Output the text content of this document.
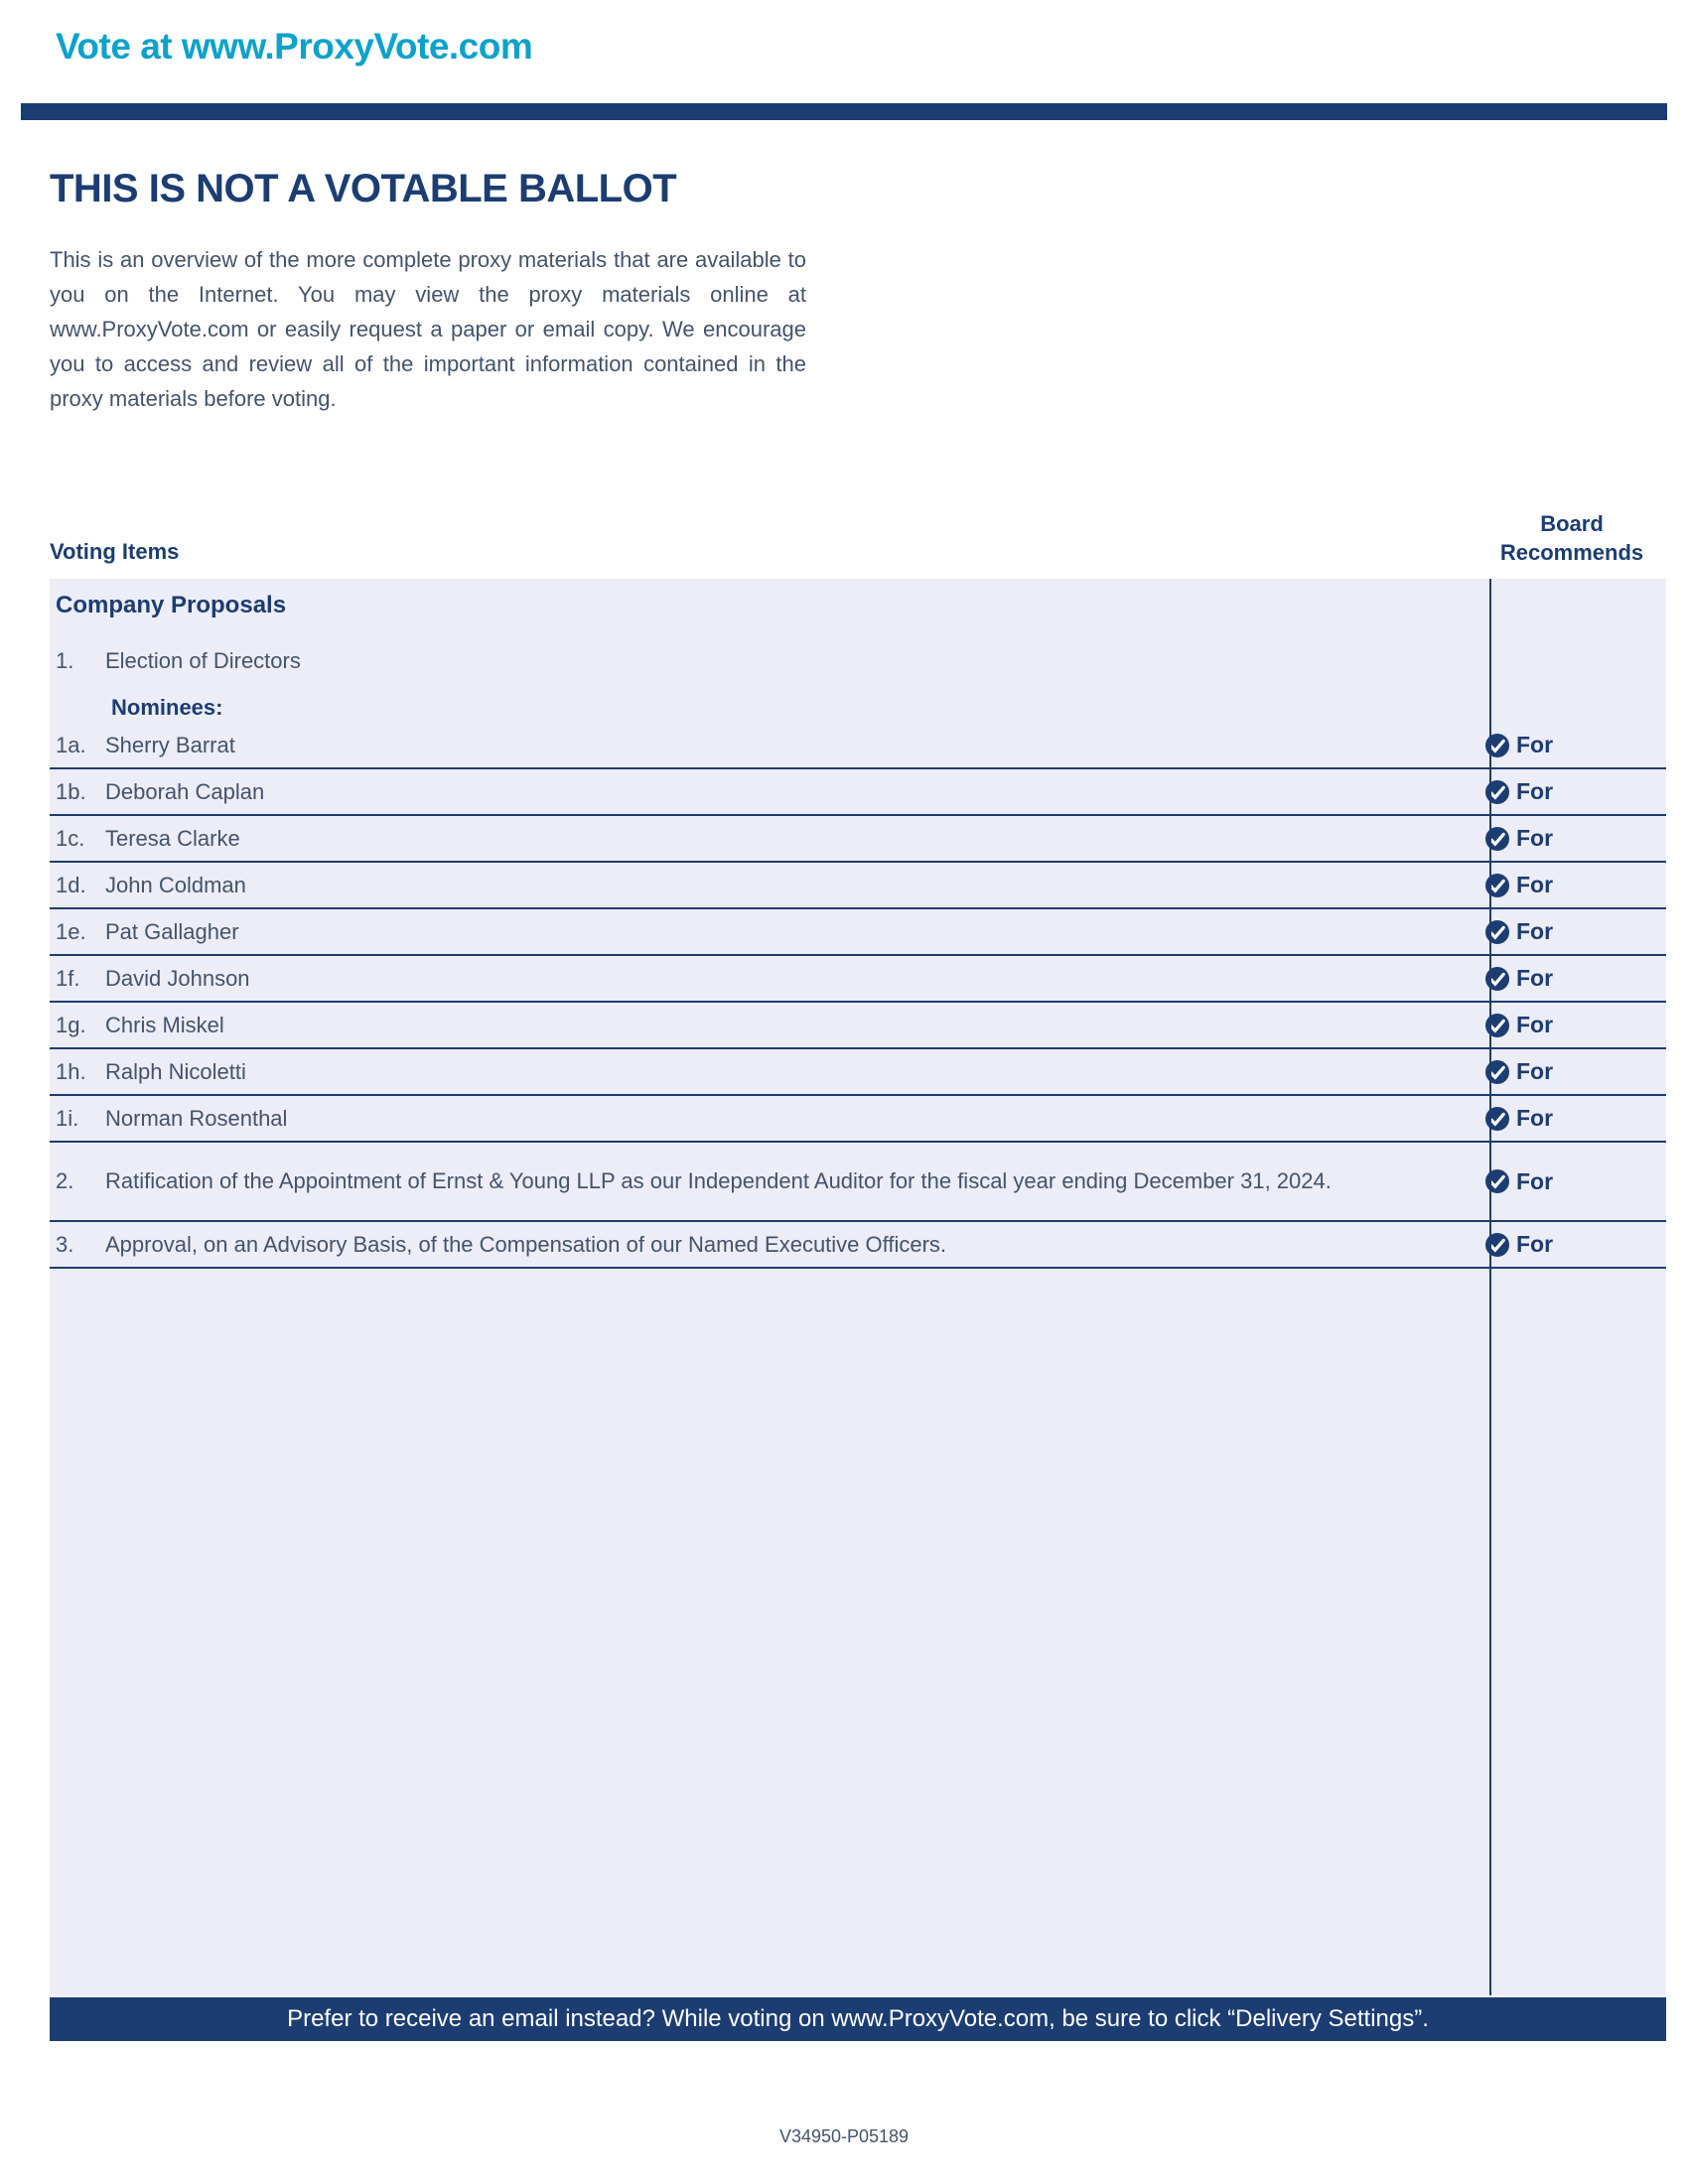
Vote at www.ProxyVote.com
THIS IS NOT A VOTABLE BALLOT
This is an overview of the more complete proxy materials that are available to you on the Internet. You may view the proxy materials online at www.ProxyVote.com or easily request a paper or email copy. We encourage you to access and review all of the important information contained in the proxy materials before voting.
Voting Items
Board
Recommends
Company Proposals
1.	Election of Directors
Nominees:
1a. Sherry Barrat	For
1b. Deborah Caplan	For
1c. Teresa Clarke	For
1d. John Coldman	For
1e. Pat Gallagher	For
1f.	David Johnson	For
1g. Chris Miskel	For
1h. Ralph Nicoletti	For
1i.	Norman Rosenthal	For
2.	Ratification of the Appointment of Ernst & Young LLP as our Independent Auditor for the fiscal year ending December 31, 2024.	For
3.	Approval, on an Advisory Basis, of the Compensation of our Named Executive Officers.	For
Prefer to receive an email instead? While voting on www.ProxyVote.com, be sure to click “Delivery Settings”.
V34950-P05189
